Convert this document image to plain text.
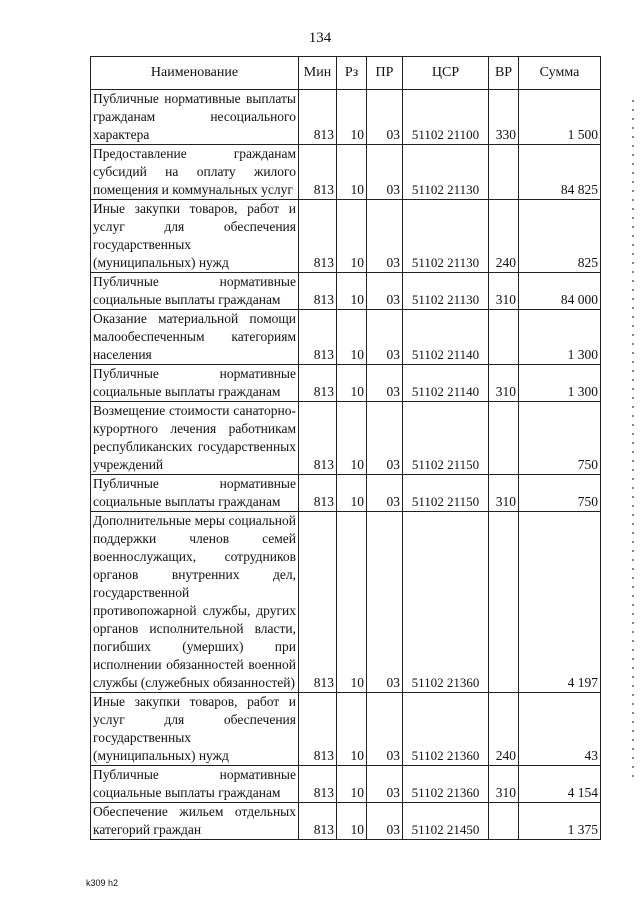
134
Наименование	Мин	Рз	ПР	ЦСР	ВР	Сумма
Публичные нормативные выплаты гражданам несоциального характера	813	10	03	51102 21100	330	1 500
Предоставление гражданам субсидий на оплату жилого помещения и коммунальных услуг	813	10	03	51102 21130		84 825
Иные закупки товаров, работ и услуг для обеспечения государственных (муниципальных) нужд	813	10	03	51102 21130	240	825
Публичные нормативные социальные выплаты гражданам	813	10	03	51102 21130	310	84 000
Оказание материальной помощи малообеспеченным категориям населения	813	10	03	51102 21140		1 300
Публичные нормативные социальные выплаты гражданам	813	10	03	51102 21140	310	1 300
Возмещение стоимости санаторно-курортного лечения работникам республиканских государственных учреждений	813	10	03	51102 21150		750
Публичные нормативные социальные выплаты гражданам	813	10	03	51102 21150	310	750
Дополнительные меры социальной поддержки членов семей военнослужащих, сотрудников органов внутренних дел, государственной противопожарной службы, других органов исполнительной власти, погибших (умерших) при исполнении обязанностей военной службы (служебных обязанностей)	813	10	03	51102 21360		4 197
Иные закупки товаров, работ и услуг для обеспечения государственных (муниципальных) нужд	813	10	03	51102 21360	240	43
Публичные нормативные социальные выплаты гражданам	813	10	03	51102 21360	310	4 154
Обеспечение жильем отдельных категорий граждан	813	10	03	51102 21450		1 375
k309 h2
